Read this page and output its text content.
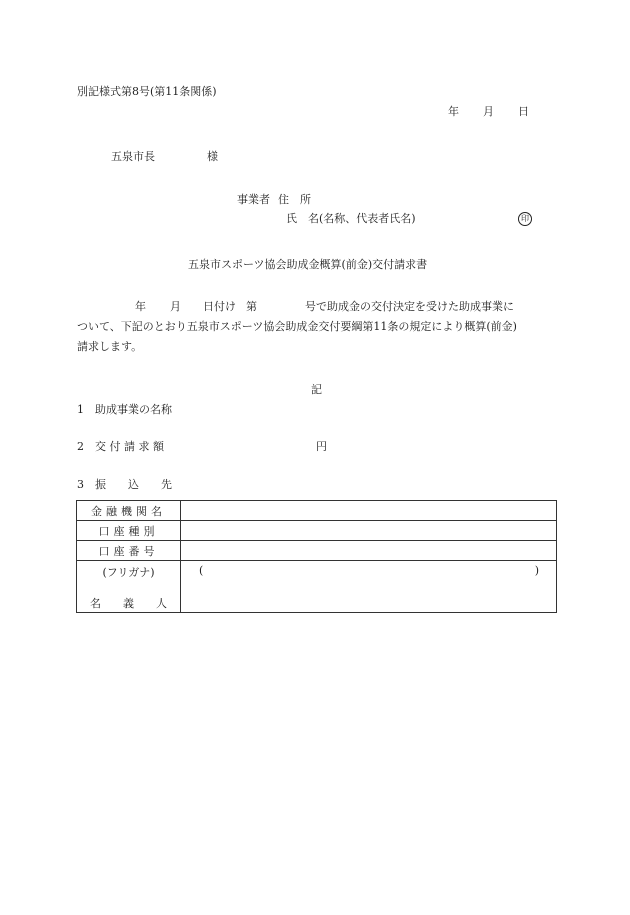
別記様式第8号(第11条関係)
年 月 日
五泉市長	様
事業者 住　所
氏　名(名称、代表者氏名)	印
五泉市スポーツ協会助成金概算(前金)交付請求書
年 月 日付け 第	号で助成金の交付決定を受けた助成事業に
ついて、下記のとおり五泉市スポーツ協会助成金交付要綱第11条の規定により概算(前金)
請求します。
記
1　助成事業の名称
2　交 付 請 求 額	円
3　振　　込　　先
金融機関名	
口座種別	
口座番号	

(フリガナ)
名　　義　　人	( )
